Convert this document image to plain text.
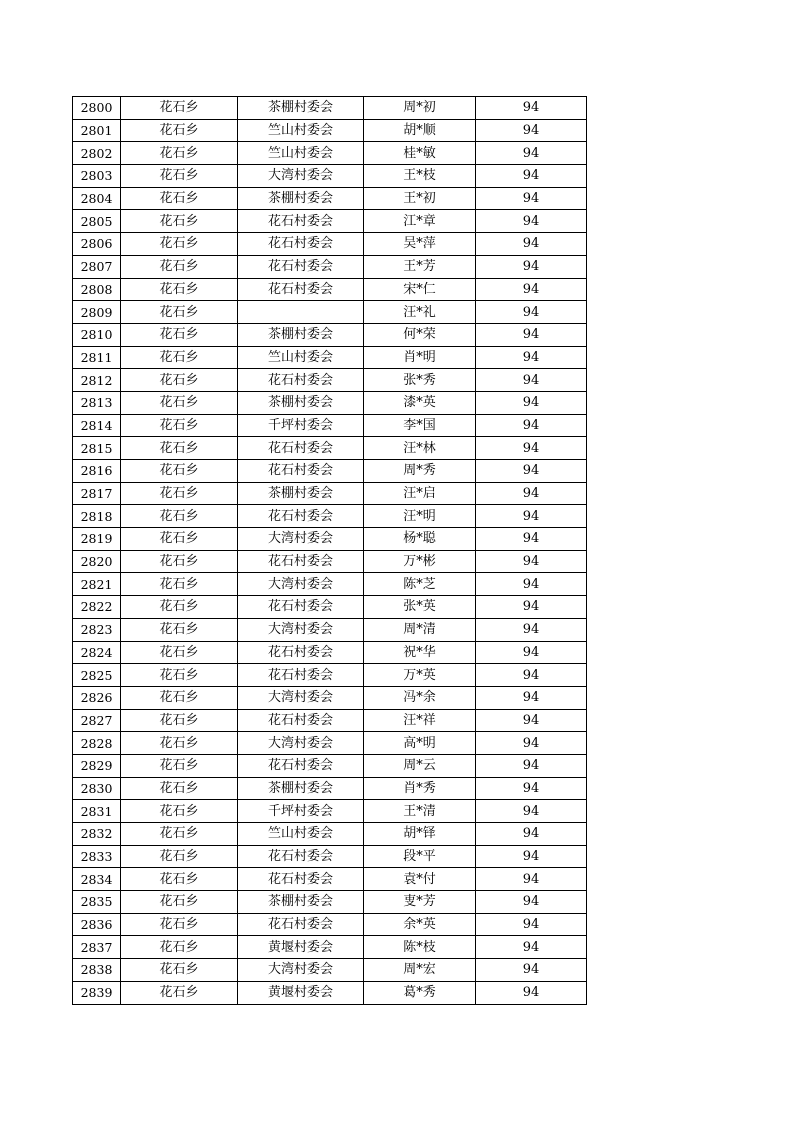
2800	花石乡	茶棚村委会	周*初	94
2801	花石乡	竺山村委会	胡*顺	94
2802	花石乡	竺山村委会	桂*敏	94
2803	花石乡	大湾村委会	王*枝	94
2804	花石乡	茶棚村委会	王*初	94
2805	花石乡	花石村委会	江*章	94
2806	花石乡	花石村委会	吴*萍	94
2807	花石乡	花石村委会	王*芳	94
2808	花石乡	花石村委会	宋*仁	94
2809	花石乡		汪*礼	94
2810	花石乡	茶棚村委会	何*荣	94
2811	花石乡	竺山村委会	肖*明	94
2812	花石乡	花石村委会	张*秀	94
2813	花石乡	茶棚村委会	漆*英	94
2814	花石乡	千坪村委会	李*国	94
2815	花石乡	花石村委会	汪*林	94
2816	花石乡	花石村委会	周*秀	94
2817	花石乡	茶棚村委会	汪*启	94
2818	花石乡	花石村委会	汪*明	94
2819	花石乡	大湾村委会	杨*聪	94
2820	花石乡	花石村委会	万*彬	94
2821	花石乡	大湾村委会	陈*芝	94
2822	花石乡	花石村委会	张*英	94
2823	花石乡	大湾村委会	周*清	94
2824	花石乡	花石村委会	祝*华	94
2825	花石乡	花石村委会	万*英	94
2826	花石乡	大湾村委会	冯*余	94
2827	花石乡	花石村委会	汪*祥	94
2828	花石乡	大湾村委会	高*明	94
2829	花石乡	花石村委会	周*云	94
2830	花石乡	茶棚村委会	肖*秀	94
2831	花石乡	千坪村委会	王*清	94
2832	花石乡	竺山村委会	胡*铎	94
2833	花石乡	花石村委会	段*平	94
2834	花石乡	花石村委会	袁*付	94
2835	花石乡	茶棚村委会	叓*芳	94
2836	花石乡	花石村委会	余*英	94
2837	花石乡	黄堰村委会	陈*枝	94
2838	花石乡	大湾村委会	周*宏	94
2839	花石乡	黄堰村委会	葛*秀	94
